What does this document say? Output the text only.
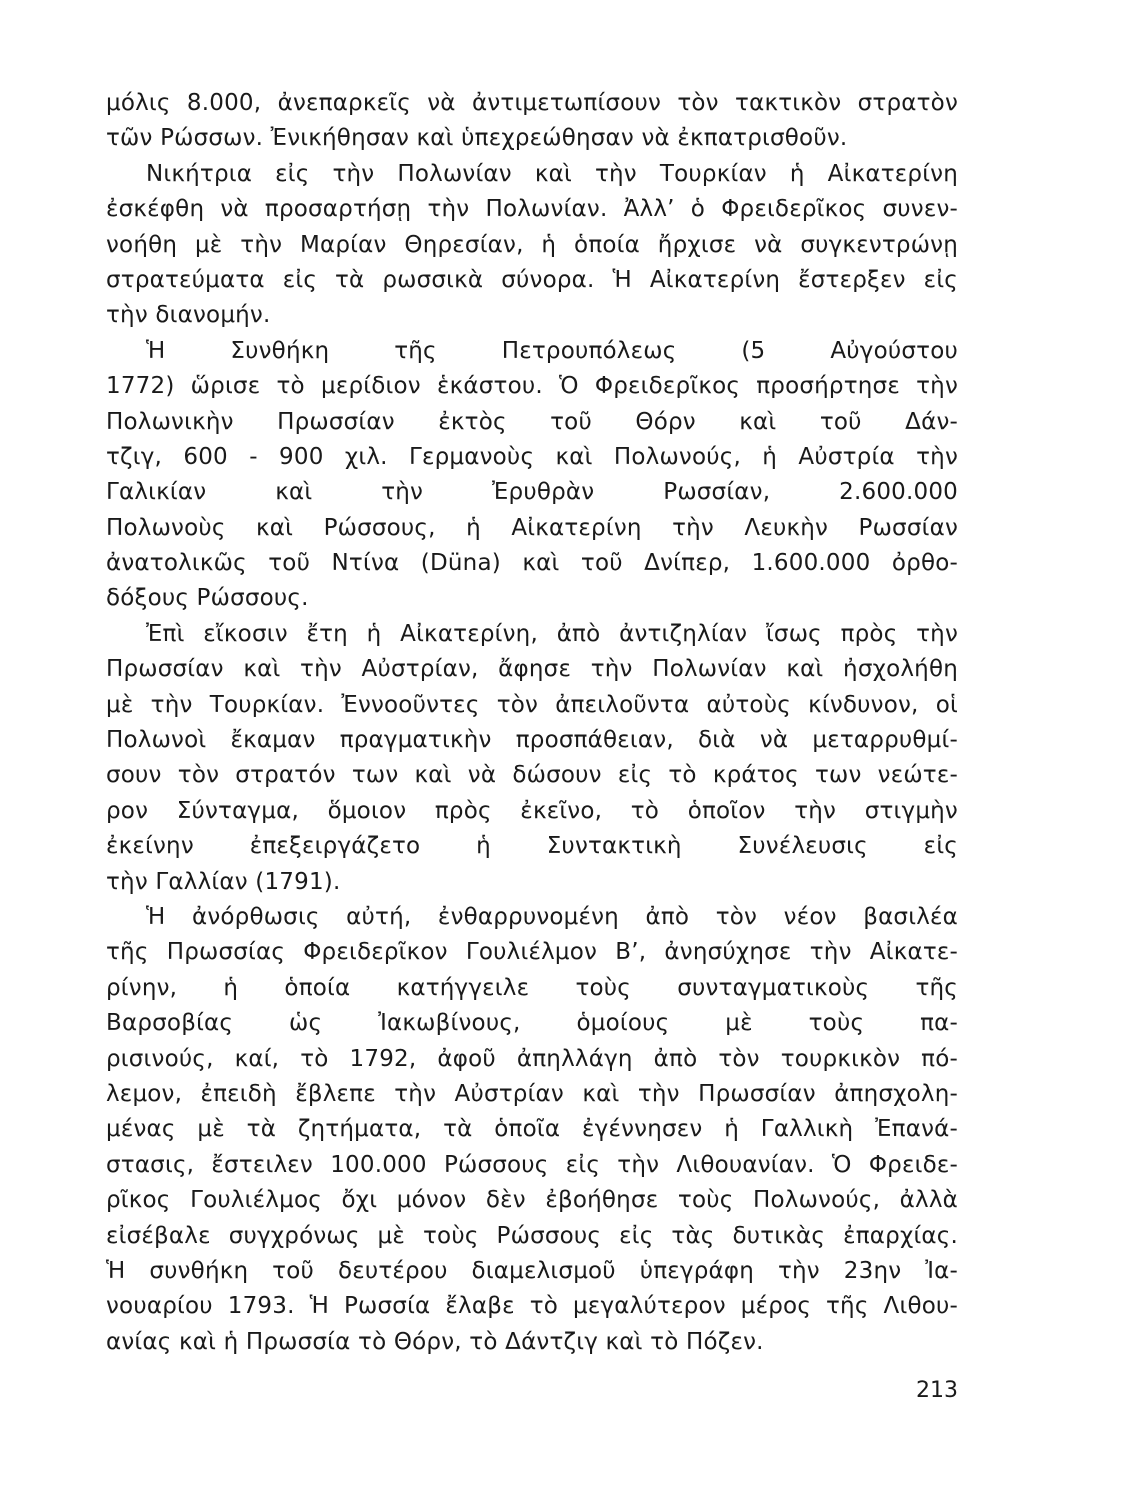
μόλις 8.000, ἀνεπαρκεῖς νὰ ἀντιμετωπίσουν τὸν τακτικὸν στρατὸν
τῶν Ρώσσων. Ἐνικήθησαν καὶ ὑπεχρεώθησαν νὰ ἐκπατρισθοῦν.
Νικήτρια εἰς τὴν Πολωνίαν καὶ τὴν Τουρκίαν ἡ Αἰκατερίνη
ἐσκέφθη νὰ προσαρτήσῃ τὴν Πολωνίαν. Ἀλλ’ ὁ Φρειδερῖκος συνεν-
νοήθη μὲ τὴν Μαρίαν Θηρεσίαν, ἡ ὁποία ἤρχισε νὰ συγκεντρώνῃ
στρατεύματα εἰς τὰ ρωσσικὰ σύνορα. Ἡ Αἰκατερίνη ἔστερξεν εἰς
τὴν διανομήν.
Ἡ Συνθήκη τῆς Πετρουπόλεως (5 Αὐγούστου
1772) ὥρισε τὸ μερίδιον ἑκάστου. Ὁ Φρειδερῖκος προσήρτησε τὴν
Πολωνικὴν Πρωσσίαν ἐκτὸς τοῦ Θόρν καὶ τοῦ Δάν-
τζιγ, 600 - 900 χιλ. Γερμανοὺς καὶ Πολωνούς, ἡ Αὐστρία τὴν
Γαλικίαν καὶ τὴν Ἐρυθρὰν Ρωσσίαν, 2.600.000
Πολωνοὺς καὶ Ρώσσους, ἡ Αἰκατερίνη τὴν Λευκὴν Ρωσσίαν
ἀνατολικῶς τοῦ Ντίνα (Düna) καὶ τοῦ Δνίπερ, 1.600.000 ὀρθο-
δόξους Ρώσσους.
Ἐπὶ εἴκοσιν ἔτη ἡ Αἰκατερίνη, ἀπὸ ἀντιζηλίαν ἴσως πρὸς τὴν
Πρωσσίαν καὶ τὴν Αὐστρίαν, ἄφησε τὴν Πολωνίαν καὶ ἠσχολήθη
μὲ τὴν Τουρκίαν. Ἐννοοῦντες τὸν ἀπειλοῦντα αὐτοὺς κίνδυνον, οἱ
Πολωνοὶ ἔκαμαν πραγματικὴν προσπάθειαν, διὰ νὰ μεταρρυθμί-
σουν τὸν στρατόν των καὶ νὰ δώσουν εἰς τὸ κράτος των νεώτε-
ρον Σύνταγμα, ὅμοιον πρὸς ἐκεῖνο, τὸ ὁποῖον τὴν στιγμὴν
ἐκείνην ἐπεξειργάζετο ἡ Συντακτικὴ Συνέλευσις εἰς
τὴν Γαλλίαν (1791).
Ἡ ἀνόρθωσις αὐτή, ἐνθαρρυνομένη ἀπὸ τὸν νέον βασιλέα
τῆς Πρωσσίας Φρειδερῖκον Γουλιέλμον Β’, ἀνησύχησε τὴν Αἰκατε-
ρίνην, ἡ ὁποία κατήγγειλε τοὺς συνταγματικοὺς τῆς
Βαρσοβίας ὡς Ἰακωβίνους, ὁμοίους μὲ τοὺς πα-
ρισινούς, καί, τὸ 1792, ἀφοῦ ἀπηλλάγη ἀπὸ τὸν τουρκικὸν πό-
λεμον, ἐπειδὴ ἔβλεπε τὴν Αὐστρίαν καὶ τὴν Πρωσσίαν ἀπησχολη-
μένας μὲ τὰ ζητήματα, τὰ ὁποῖα ἐγέννησεν ἡ Γαλλικὴ Ἐπανά-
στασις, ἔστειλεν 100.000 Ρώσσους εἰς τὴν Λιθουανίαν. Ὁ Φρειδε-
ρῖκος Γουλιέλμος ὄχι μόνον δὲν ἐβοήθησε τοὺς Πολωνούς, ἀλλὰ
εἰσέβαλε συγχρόνως μὲ τοὺς Ρώσσους εἰς τὰς δυτικὰς ἐπαρχίας.
Ἡ συνθήκη τοῦ δευτέρου διαμελισμοῦ ὑπεγράφη τὴν 23ην Ἰα-
νουαρίου 1793. Ἡ Ρωσσία ἔλαβε τὸ μεγαλύτερον μέρος τῆς Λιθου-
ανίας καὶ ἡ Πρωσσία τὸ Θόρν, τὸ Δάντζιγ καὶ τὸ Πόζεν.
213
